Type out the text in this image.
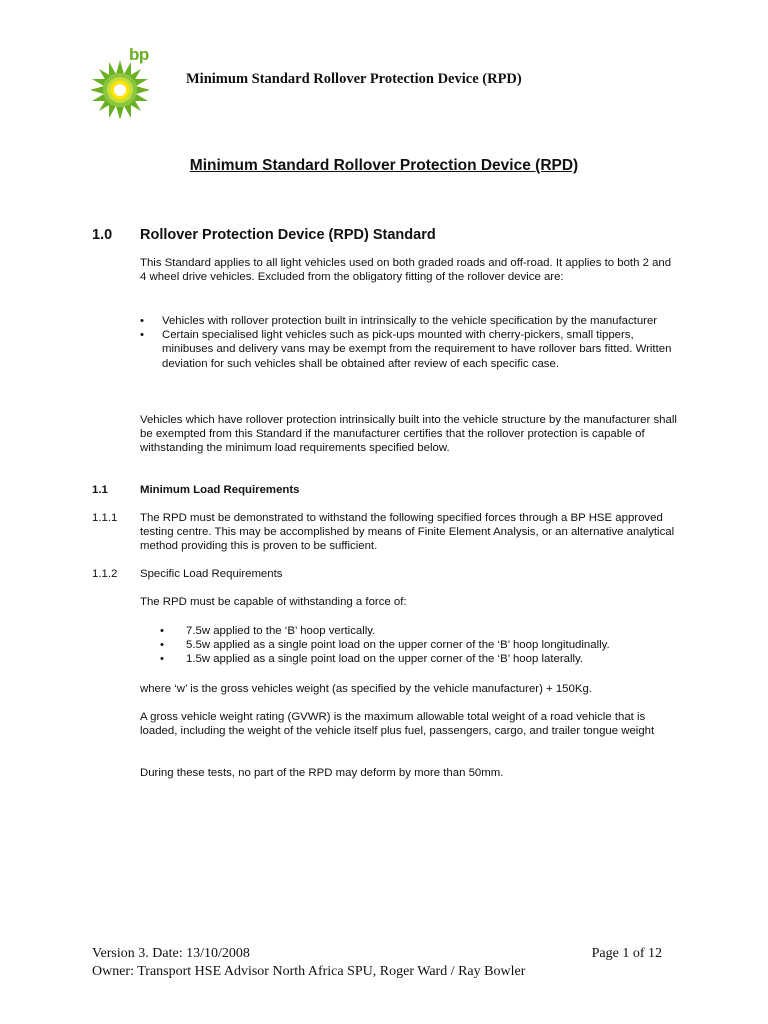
bp
Minimum Standard Rollover Protection Device (RPD)
Minimum Standard Rollover Protection Device (RPD)
1.0 Rollover Protection Device (RPD) Standard

This Standard applies to all light vehicles used on both graded roads and off-road. It applies to both 2 and 4 wheel drive vehicles. Excluded from the obligatory fitting of the rollover device are:

• Vehicles with rollover protection built in intrinsically to the vehicle specification by the manufacturer
• Certain specialised light vehicles such as pick-ups mounted with cherry-pickers, small tippers, minibuses and delivery vans may be exempt from the requirement to have rollover bars fitted. Written deviation for such vehicles shall be obtained after review of each specific case.

Vehicles which have rollover protection intrinsically built into the vehicle structure by the manufacturer shall be exempted from this Standard if the manufacturer certifies that the rollover protection is capable of withstanding the minimum load requirements specified below.

1.1	Minimum Load Requirements
1.1.1 The RPD must be demonstrated to withstand the following specified forces through a BP HSE approved testing centre. This may be accomplished by means of Finite Element Analysis, or an alternative analytical method providing this is proven to be sufficient.

1.1.2 Specific Load Requirements

The RPD must be capable of withstanding a force of:

• 7.5w applied to the ‘B’ hoop vertically.
• 5.5w applied as a single point load on the upper corner of the ‘B’ hoop longitudinally.
• 1.5w applied as a single point load on the upper corner of the ‘B’ hoop laterally.

where ‘w’ is the gross vehicles weight (as specified by the vehicle manufacturer) + 150Kg.

A gross vehicle weight rating (GVWR) is the maximum allowable total weight of a road vehicle that is loaded, including the weight of the vehicle itself plus fuel, passengers, cargo, and trailer tongue weight

During these tests, no part of the RPD may deform by more than 50mm.

Version 3. Date: 13/10/2008	Page 1 of 12
Owner: Transport HSE Advisor North Africa SPU, Roger Ward / Ray Bowler
